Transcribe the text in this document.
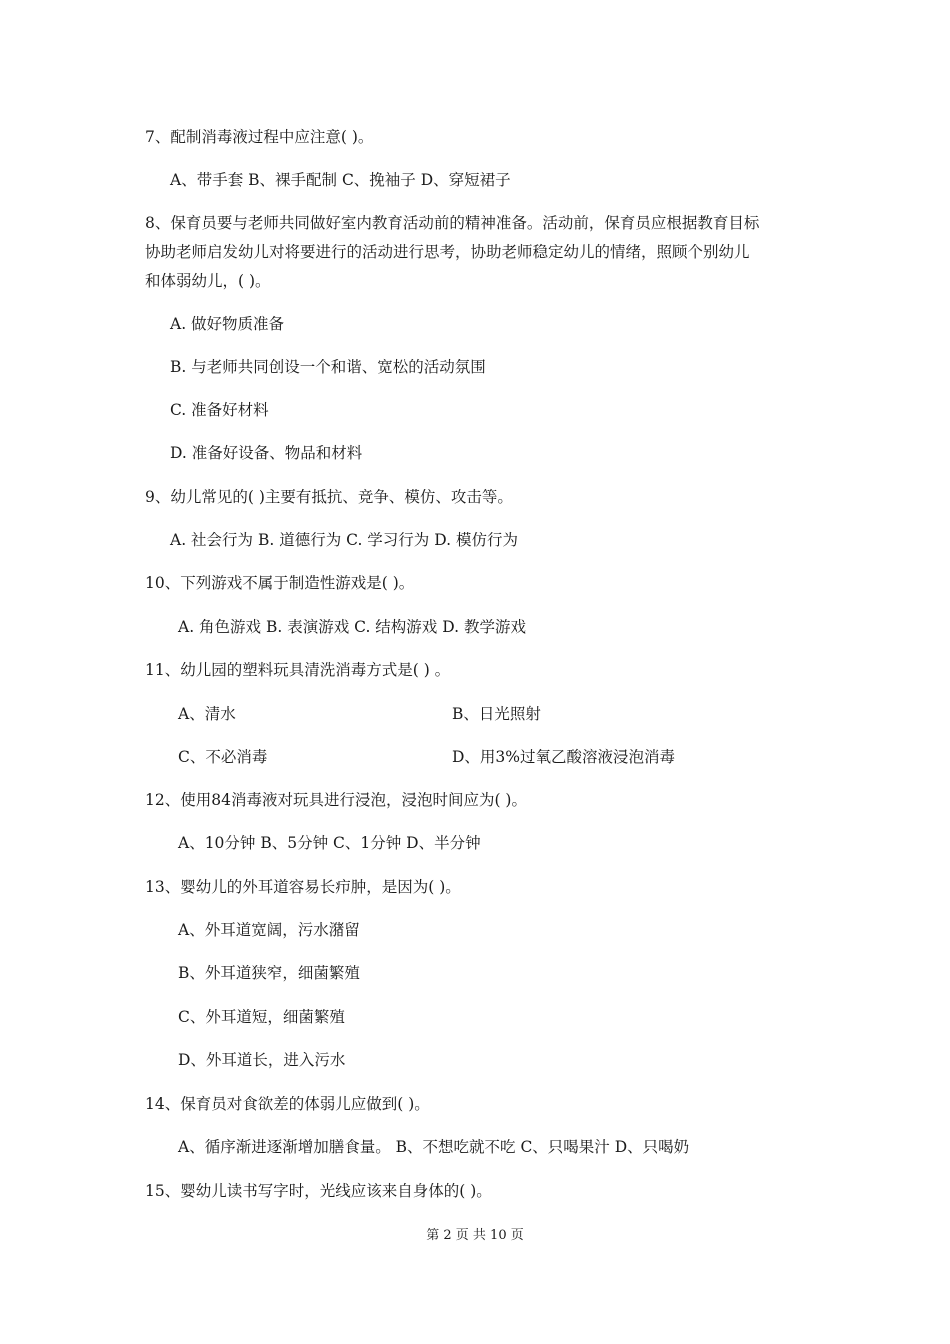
7、配制消毒液过程中应注意( )。
A、带手套 B、裸手配制 C、挽袖子 D、穿短裙子
8、保育员要与老师共同做好室内教育活动前的精神准备。活动前，保育员应根据教育目标
协助老师启发幼儿对将要进行的活动进行思考，协助老师稳定幼儿的情绪，照顾个别幼儿
和体弱幼儿，( )。
A. 做好物质准备
B. 与老师共同创设一个和谐、宽松的活动氛围
C. 准备好材料
D. 准备好设备、物品和材料
9、幼儿常见的( )主要有抵抗、竞争、模仿、攻击等。
A. 社会行为 B. 道德行为 C. 学习行为 D. 模仿行为
10、下列游戏不属于制造性游戏是( )。
A. 角色游戏 B. 表演游戏 C. 结构游戏 D. 教学游戏
11、幼儿园的塑料玩具清洗消毒方式是( ) 。
A、清水	B、日光照射
C、不必消毒	D、用3%过氧乙酸溶液浸泡消毒
12、使用84消毒液对玩具进行浸泡，浸泡时间应为( )。
A、10分钟 B、5分钟 C、1分钟 D、半分钟
13、婴幼儿的外耳道容易长疖肿，是因为( )。
A、外耳道宽阔，污水潴留
B、外耳道狭窄，细菌繁殖
C、外耳道短，细菌繁殖
D、外耳道长，进入污水
14、保育员对食欲差的体弱儿应做到( )。
A、循序渐进逐渐增加膳食量。 B、不想吃就不吃 C、只喝果汁 D、只喝奶
15、婴幼儿读书写字时，光线应该来自身体的( )。
第 2 页 共 10 页
